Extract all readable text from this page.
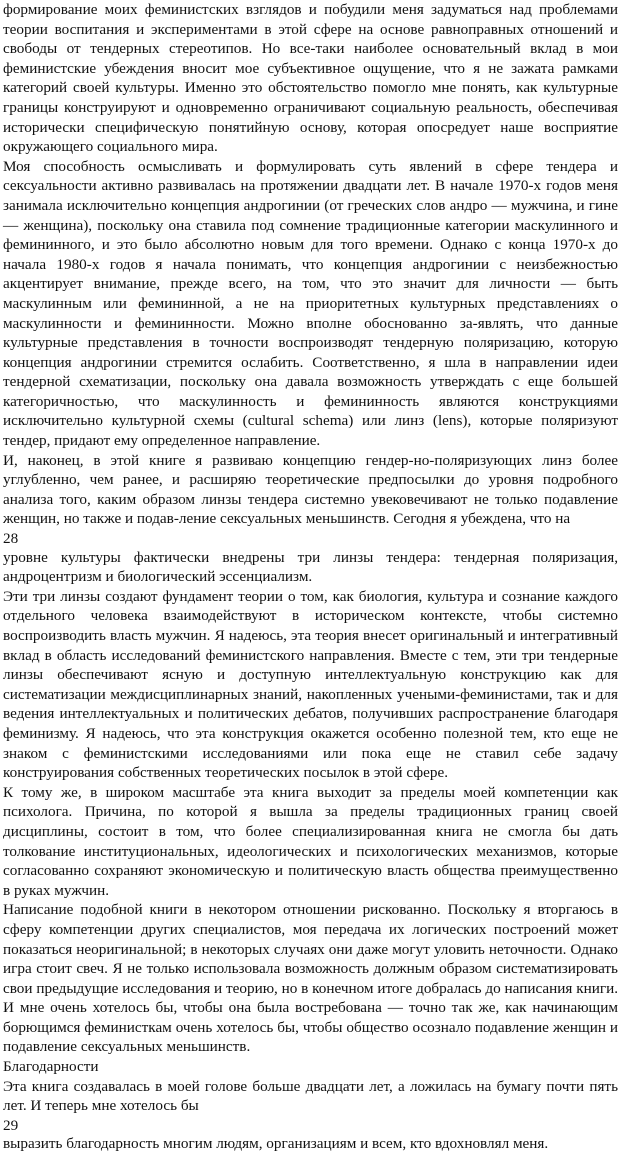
формирование моих феминистских взглядов и побудили меня задуматься над проблемами теории воспитания и экспериментами в этой сфере на основе равноправных отношений и свободы от тендерных стереотипов. Но все-таки наиболее основательный вклад в мои феминистские убеждения вносит мое субъективное ощущение, что я не зажата рамками категорий своей культуры. Именно это обстоятельство помогло мне понять, как культурные границы конструируют и одновременно ограничивают социальную реальность, обеспечивая исторически специфическую понятийную основу, которая опосредует наше восприятие окружающего социального мира.

Моя способность осмысливать и формулировать суть явлений в сфере тендера и сексуальности активно развивалась на протяжении двадцати лет. В начале 1970-х годов меня занимала исключительно концепция андрогинии (от греческих слов андро — мужчина, и гине — женщина), поскольку она ставила под сомнение традиционные категории маскулинного и фемининного, и это было абсолютно новым для того времени. Однако с конца 1970-х до начала 1980-х годов я начала понимать, что концепция андрогинии с неизбежностью акцентирует внимание, прежде всего, на том, что это значит для личности — быть маскулинным или фемининной, а не на приоритетных культурных представлениях о маскулинности и фемининности. Можно вполне обоснованно за-являть, что данные культурные представления в точности воспроизводят тендерную поляризацию, которую концепция андрогинии стремится ослабить. Соответственно, я шла в направлении идеи тендерной схематизации, поскольку она давала возможность утверждать с еще большей категоричностью, что маскулинность и фемининность являются конструкциями исключительно культурной схемы (cultural schema) или линз (lens), которые поляризуют тендер, придают ему определенное направление.

И, наконец, в этой книге я развиваю концепцию гендер-но-поляризующих линз более углубленно, чем ранее, и расширяю теоретические предпосылки до уровня подробного анализа того, каким образом линзы тендера системно увековечивают не только подавление женщин, но также и подав-ление сексуальных меньшинств. Сегодня я убеждена, что на

28

уровне культуры фактически внедрены три линзы тендера: тендерная поляризация, андроцентризм и биологический эссенциализм.

Эти три линзы создают фундамент теории о том, как биология, культура и сознание каждого отдельного человека взаимодействуют в историческом контексте, чтобы системно воспроизводить власть мужчин. Я надеюсь, эта теория внесет оригинальный и интегративный вклад в область исследований феминистского направления. Вместе с тем, эти три тендерные линзы обеспечивают ясную и доступную интеллектуальную конструкцию как для систематизации междисциплинарных знаний, накопленных учеными-феминистами, так и для ведения интеллектуальных и политических дебатов, получивших распространение благодаря феминизму. Я надеюсь, что эта конструкция окажется особенно полезной тем, кто еще не знаком с феминистскими исследованиями или пока еще не ставил себе задачу конструирования собственных теоретических посылок в этой сфере.

К тому же, в широком масштабе эта книга выходит за пределы моей компетенции как психолога. Причина, по которой я вышла за пределы традиционных границ своей дисциплины, состоит в том, что более специализированная книга не смогла бы дать толкование институциональных, идеологических и психологических механизмов, которые согласованно сохраняют экономическую и политическую власть общества преимущественно в руках мужчин.

Написание подобной книги в некотором отношении рискованно. Поскольку я вторгаюсь в сферу компетенции других специалистов, моя передача их логических построений может показаться неоригинальной; в некоторых случаях они даже могут уловить неточности. Однако игра стоит свеч. Я не только использовала возможность должным образом систематизировать свои предыдущие исследования и теорию, но в конечном итоге добралась до написания книги. И мне очень хотелось бы, чтобы она была востребована — точно так же, как начинающим борющимся феминисткам очень хотелось бы, чтобы общество осознало подавление женщин и подавление сексуальных меньшинств.

Благодарности

Эта книга создавалась в моей голове больше двадцати лет, а ложилась на бумагу почти пять лет. И теперь мне хотелось бы

29

выразить благодарность многим людям, организациям и всем, кто вдохновлял меня.
